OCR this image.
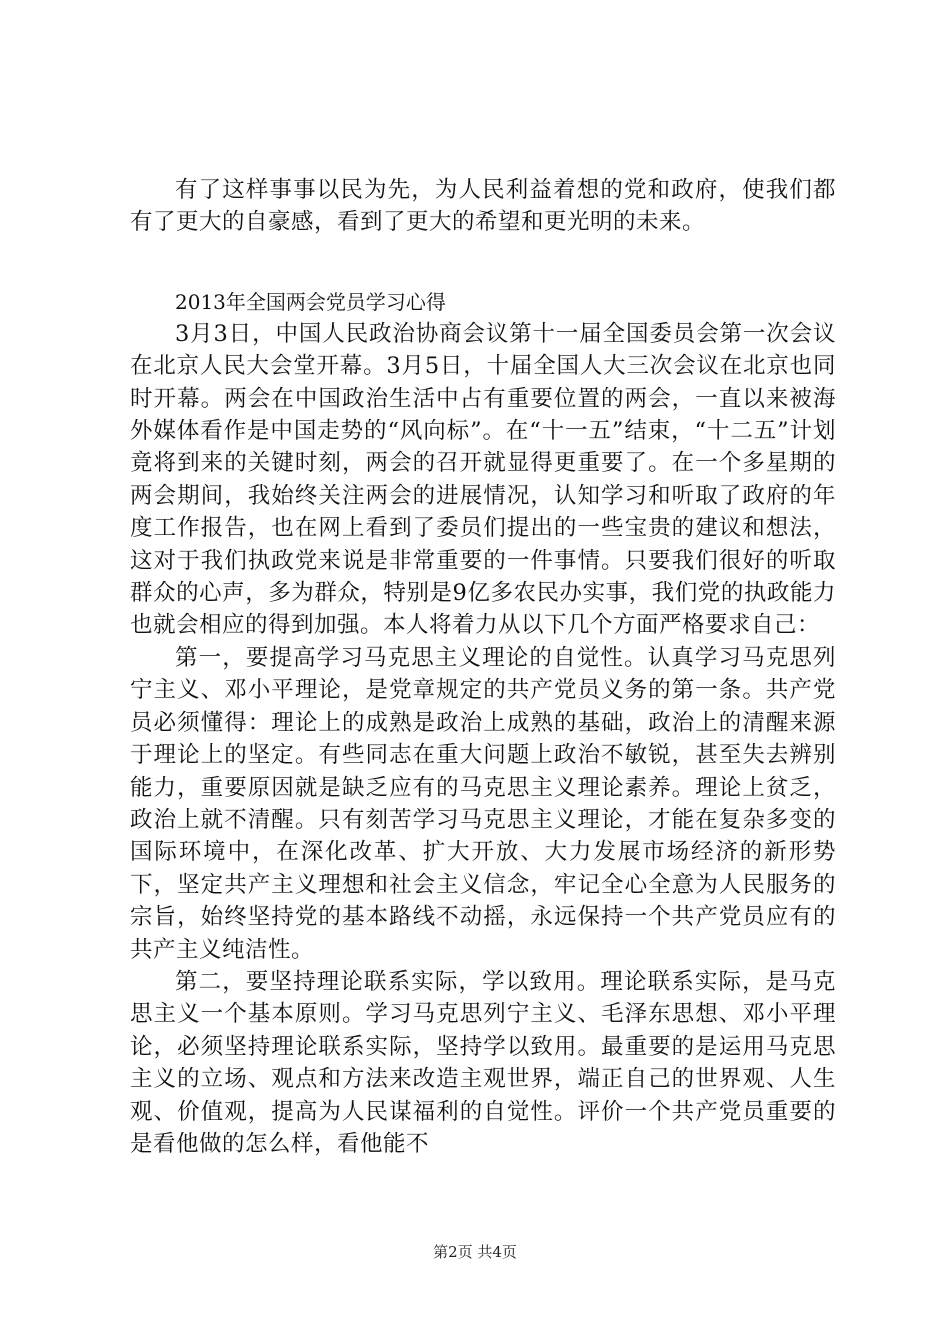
有了这样事事以民为先，为人民利益着想的党和政府，使我们都有了更大的自豪感，看到了更大的希望和更光明的未来。

2013年全国两会党员学习心得

3月3日，中国人民政治协商会议第十一届全国委员会第一次会议在北京人民大会堂开幕。3月5日，十届全国人大三次会议在北京也同时开幕。两会在中国政治生活中占有重要位置的两会，一直以来被海外媒体看作是中国走势的“风向标”。在“十一五”结束，“十二五”计划竟将到来的关键时刻，两会的召开就显得更重要了。在一个多星期的两会期间，我始终关注两会的进展情况，认知学习和听取了政府的年度工作报告，也在网上看到了委员们提出的一些宝贵的建议和想法，这对于我们执政党来说是非常重要的一件事情。只要我们很好的听取群众的心声，多为群众，特别是9亿多农民办实事，我们党的执政能力也就会相应的得到加强。本人将着力从以下几个方面严格要求自己：

第一，要提高学习马克思主义理论的自觉性。认真学习马克思列宁主义、邓小平理论，是党章规定的共产党员义务的第一条。共产党员必须懂得：理论上的成熟是政治上成熟的基础，政治上的清醒来源于理论上的坚定。有些同志在重大问题上政治不敏锐，甚至失去辨别能力，重要原因就是缺乏应有的马克思主义理论素养。理论上贫乏，政治上就不清醒。只有刻苦学习马克思主义理论，才能在复杂多变的国际环境中，在深化改革、扩大开放、大力发展市场经济的新形势下，坚定共产主义理想和社会主义信念，牢记全心全意为人民服务的宗旨，始终坚持党的基本路线不动摇，永远保持一个共产党员应有的共产主义纯洁性。

第二，要坚持理论联系实际，学以致用。理论联系实际，是马克思主义一个基本原则。学习马克思列宁主义、毛泽东思想、邓小平理论，必须坚持理论联系实际，坚持学以致用。最重要的是运用马克思主义的立场、观点和方法来改造主观世界，端正自己的世界观、人生观、价值观，提高为人民谋福利的自觉性。评价一个共产党员重要的是看他做的怎么样，看他能不

第2页 共4页
